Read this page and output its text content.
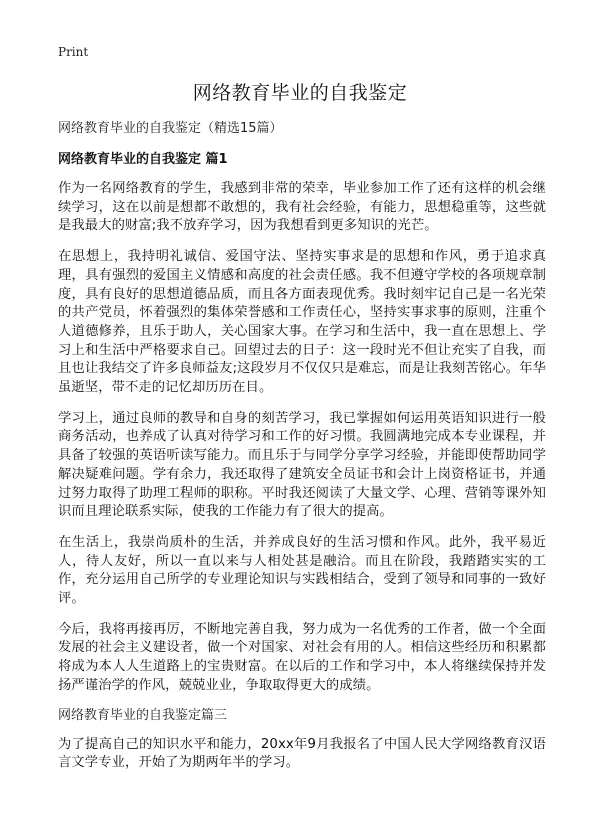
Print
网络教育毕业的自我鉴定
网络教育毕业的自我鉴定（精选15篇）
网络教育毕业的自我鉴定 篇1

作为一名网络教育的学生，我感到非常的荣幸，毕业参加工作了还有这样的机会继续学习，这在以前是想都不敢想的，我有社会经验，有能力，思想稳重等，这些就是我最大的财富;我不放弃学习，因为我想看到更多知识的光芒。

在思想上，我持明礼诚信、爱国守法、坚持实事求是的思想和作风，勇于追求真理，具有强烈的爱国主义情感和高度的社会责任感。我不但遵守学校的各项规章制度，具有良好的思想道德品质，而且各方面表现优秀。我时刻牢记自己是一名光荣的共产党员，怀着强烈的集体荣誉感和工作责任心，坚持实事求事的原则，注重个人道德修养，且乐于助人，关心国家大事。在学习和生活中，我一直在思想上、学习上和生活中严格要求自己。回望过去的日子：这一段时光不但让充实了自我，而且也让我结交了许多良师益友;这段岁月不仅仅只是难忘，而是让我刻苦铭心。年华虽逝坚，带不走的记忆却历历在目。

学习上，通过良师的教导和自身的刻苦学习，我已掌握如何运用英语知识进行一般商务活动，也养成了认真对待学习和工作的好习惯。我圆满地完成本专业课程，并具备了较强的英语听读写能力。而且乐于与同学分享学习经验，并能即使帮助同学解决疑难问题。学有余力，我还取得了建筑安全员证书和会计上岗资格证书，并通过努力取得了助理工程师的职称。平时我还阅读了大量文学、心理、营销等课外知识而且理论联系实际，使我的工作能力有了很大的提高。

在生活上，我崇尚质朴的生活，并养成良好的生活习惯和作风。此外，我平易近人，待人友好，所以一直以来与人相处甚是融洽。而且在阶段，我踏踏实实的工作，充分运用自己所学的专业理论知识与实践相结合，受到了领导和同事的一致好评。

今后，我将再接再厉，不断地完善自我，努力成为一名优秀的工作者，做一个全面发展的社会主义建设者，做一个对国家、对社会有用的人。相信这些经历和积累都将成为本人人生道路上的宝贵财富。在以后的工作和学习中，本人将继续保持并发扬严谨治学的作风，兢兢业业，争取取得更大的成绩。

网络教育毕业的自我鉴定篇三

为了提高自己的知识水平和能力，20xx年9月我报名了中国人民大学网络教育汉语言文学专业，开始了为期两年半的学习。
